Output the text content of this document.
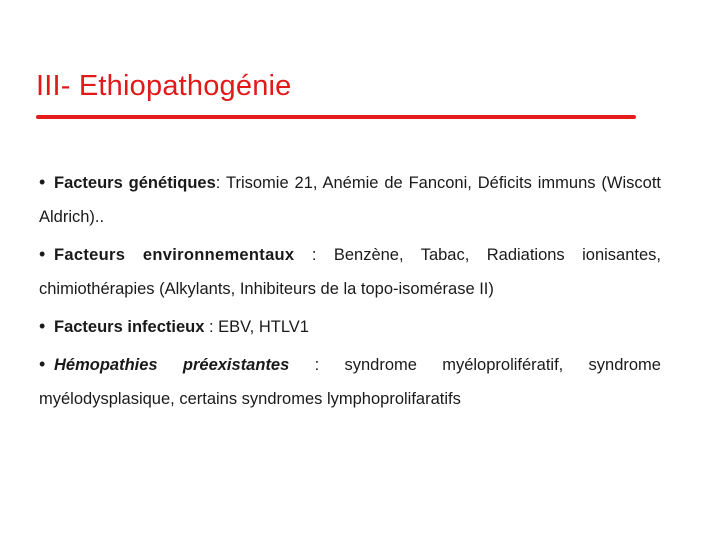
III- Ethiopathogénie

• Facteurs génétiques: Trisomie 21, Anémie de Fanconi, Déficits immuns (Wiscott Aldrich)..

• Facteurs environnementaux : Benzène, Tabac, Radiations ionisantes, chimiothérapies (Alkylants, Inhibiteurs de la topo-isomérase II)

• Facteurs infectieux : EBV, HTLV1

• Hémopathies préexistantes : syndrome myéloprolifératif, syndrome myélodysplasique, certains syndromes lymphoprolifaratifs
